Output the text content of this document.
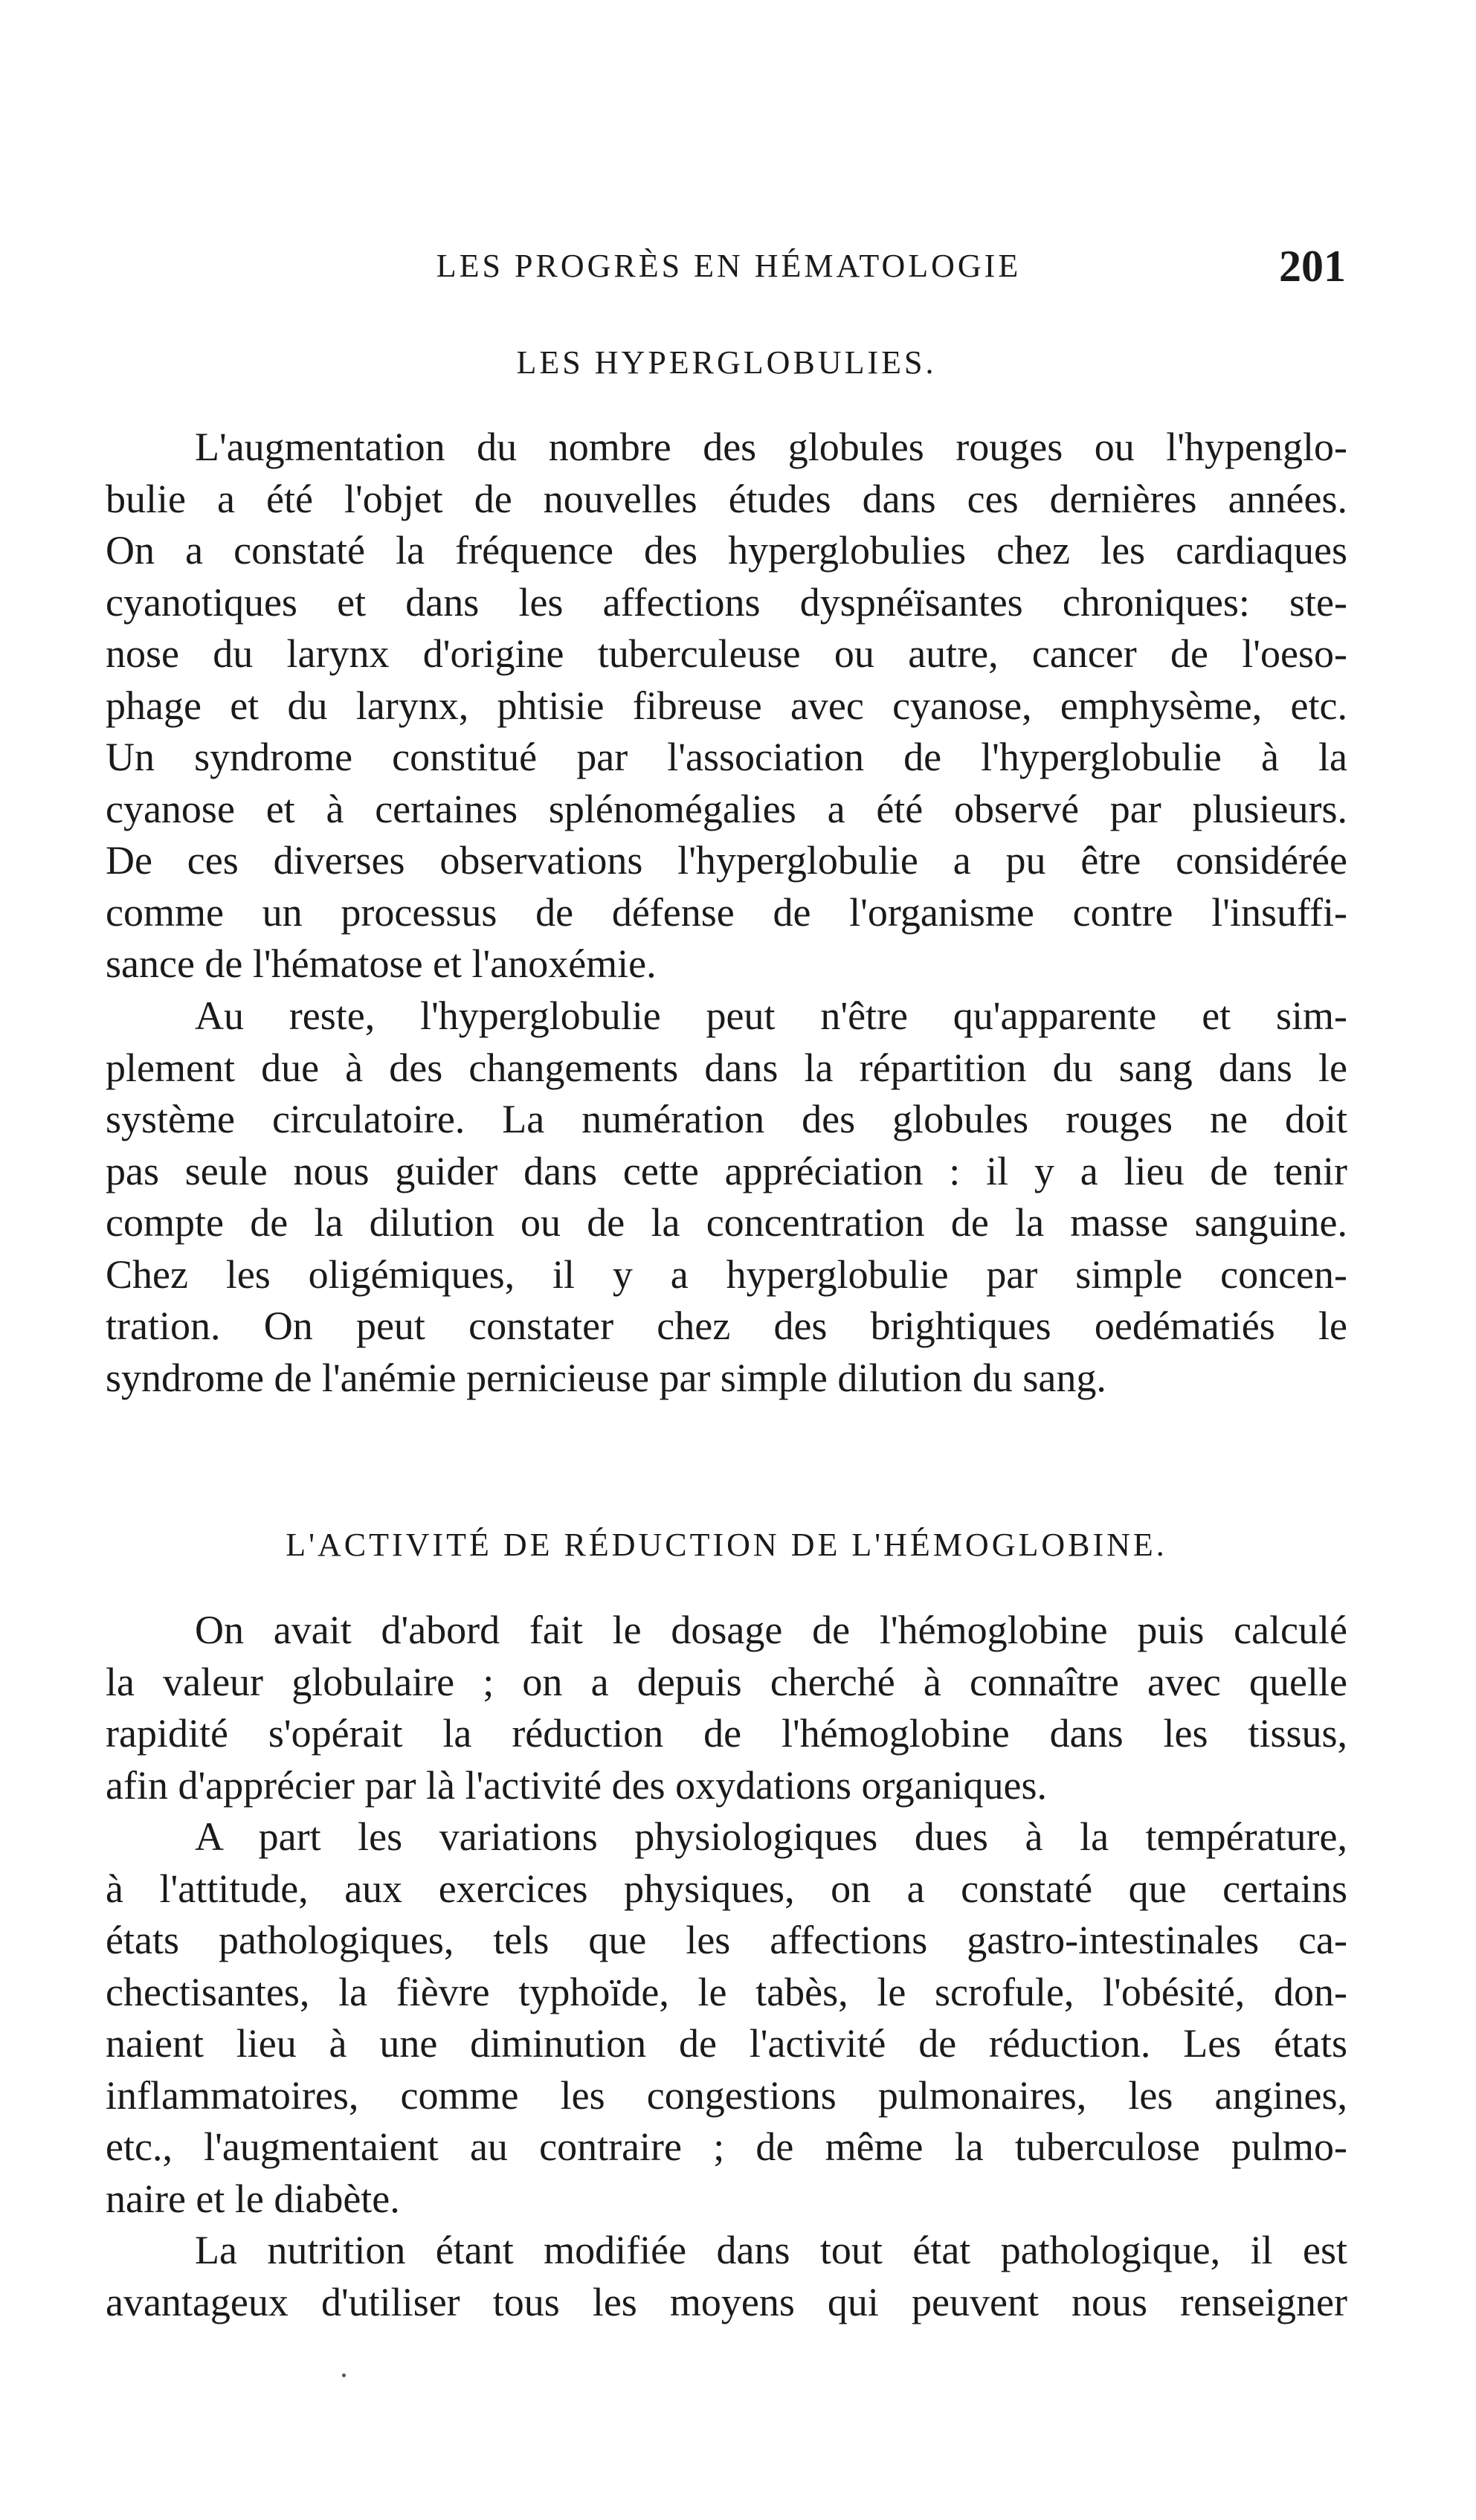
LES PROGRÈS EN HÉMATOLOGIE	201
LES HYPERGLOBULIES.
L'augmentation du nombre des globules rouges ou l'hypenglo-
bulie a été l'objet de nouvelles études dans ces dernières années.
On a constaté la fréquence des hyperglobulies chez les cardiaques
cyanotiques et dans les affections dyspnéïsantes chroniques: ste-
nose du larynx d'origine tuberculeuse ou autre, cancer de l'oeso-
phage et du larynx, phtisie fibreuse avec cyanose, emphysème, etc.
Un syndrome constitué par l'association de l'hyperglobulie à la
cyanose et à certaines splénomégalies a été observé par plusieurs.
De ces diverses observations l'hyperglobulie a pu être considérée
comme un processus de défense de l'organisme contre l'insuffi-
sance de l'hématose et l'anoxémie.
Au reste, l'hyperglobulie peut n'être qu'apparente et sim-
plement due à des changements dans la répartition du sang dans le
système circulatoire. La numération des globules rouges ne doit
pas seule nous guider dans cette appréciation : il y a lieu de tenir
compte de la dilution ou de la concentration de la masse sanguine.
Chez les oligémiques, il y a hyperglobulie par simple concen-
tration. On peut constater chez des brightiques oedématiés le
syndrome de l'anémie pernicieuse par simple dilution du sang.
L'ACTIVITÉ DE RÉDUCTION DE L'HÉMOGLOBINE.
On avait d'abord fait le dosage de l'hémoglobine puis calculé
la valeur globulaire ; on a depuis cherché à connaître avec quelle
rapidité s'opérait la réduction de l'hémoglobine dans les tissus,
afin d'apprécier par là l'activité des oxydations organiques.
A part les variations physiologiques dues à la température,
à l'attitude, aux exercices physiques, on a constaté que certains
états pathologiques, tels que les affections gastro-intestinales ca-
chectisantes, la fièvre typhoïde, le tabès, le scrofule, l'obésité, don-
naient lieu à une diminution de l'activité de réduction. Les états
inflammatoires, comme les congestions pulmonaires, les angines,
etc., l'augmentaient au contraire ; de même la tuberculose pulmo-
naire et le diabète.
La nutrition étant modifiée dans tout état pathologique, il est
avantageux d'utiliser tous les moyens qui peuvent nous renseigner
